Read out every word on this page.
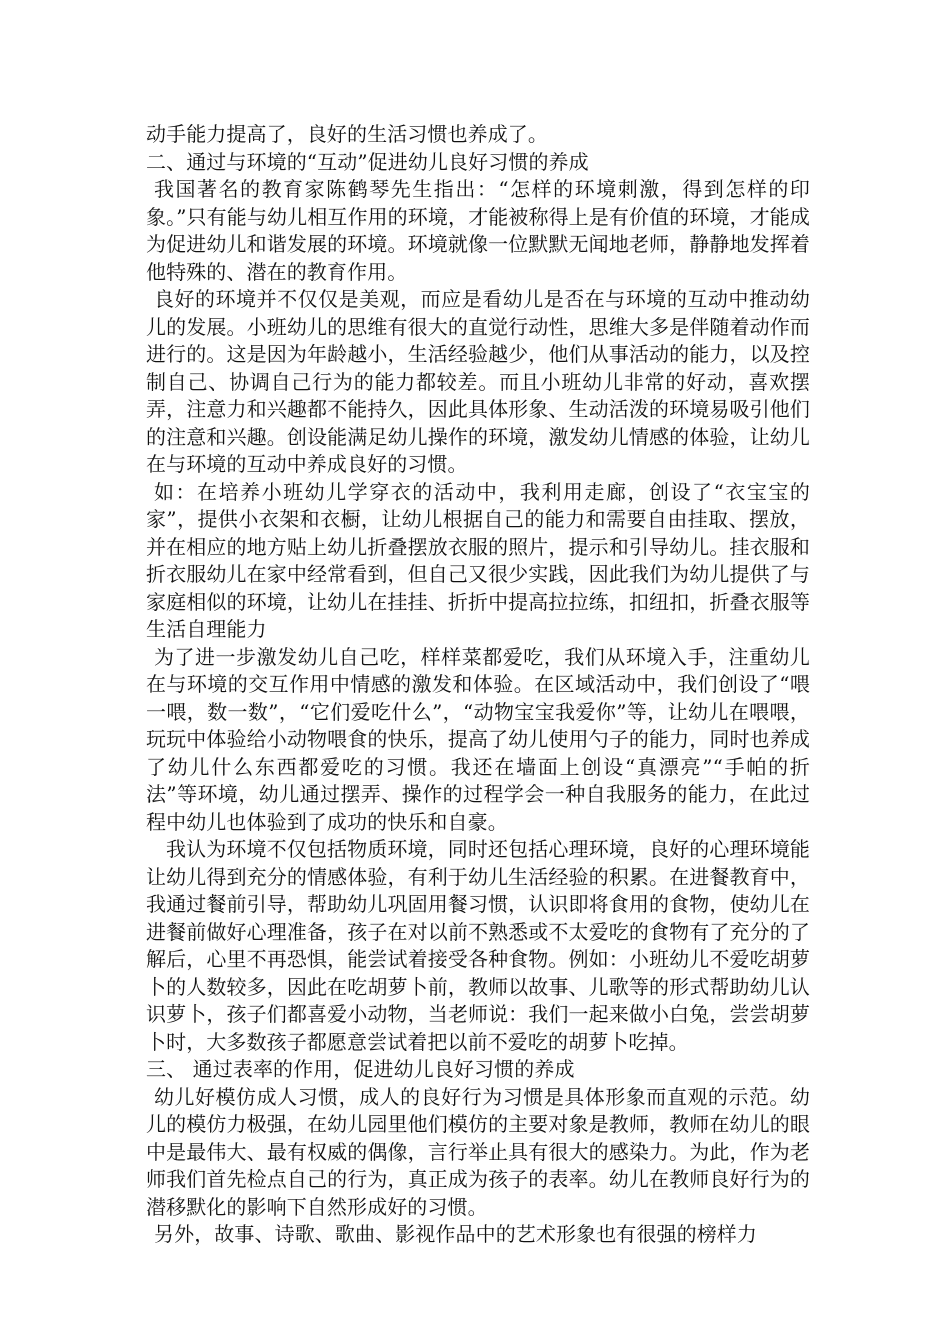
动手能力提高了，良好的生活习惯也养成了。

二、通过与环境的“互动”促进幼儿良好习惯的养成

我国著名的教育家陈鹤琴先生指出：“怎样的环境刺激，得到怎样的印象。”只有能与幼儿相互作用的环境，才能被称得上是有价值的环境，才能成为促进幼儿和谐发展的环境。环境就像一位默默无闻地老师，静静地发挥着他特殊的、潜在的教育作用。

良好的环境并不仅仅是美观，而应是看幼儿是否在与环境的互动中推动幼儿的发展。小班幼儿的思维有很大的直觉行动性，思维大多是伴随着动作而进行的。这是因为年龄越小，生活经验越少，他们从事活动的能力，以及控制自己、协调自己行为的能力都较差。而且小班幼儿非常的好动，喜欢摆弄，注意力和兴趣都不能持久，因此具体形象、生动活泼的环境易吸引他们的注意和兴趣。创设能满足幼儿操作的环境，激发幼儿情感的体验，让幼儿在与环境的互动中养成良好的习惯。

如：在培养小班幼儿学穿衣的活动中，我利用走廊，创设了“衣宝宝的家”，提供小衣架和衣橱，让幼儿根据自己的能力和需要自由挂取、摆放，并在相应的地方贴上幼儿折叠摆放衣服的照片，提示和引导幼儿。挂衣服和折衣服幼儿在家中经常看到，但自己又很少实践，因此我们为幼儿提供了与家庭相似的环境，让幼儿在挂挂、折折中提高拉拉练，扣纽扣，折叠衣服等生活自理能力

为了进一步激发幼儿自己吃，样样菜都爱吃，我们从环境入手，注重幼儿在与环境的交互作用中情感的激发和体验。在区域活动中，我们创设了“喂一喂，数一数”，“它们爱吃什么”，“动物宝宝我爱你”等，让幼儿在喂喂，玩玩中体验给小动物喂食的快乐，提高了幼儿使用勺子的能力，同时也养成了幼儿什么东西都爱吃的习惯。我还在墙面上创设“真漂亮”“手帕的折法”等环境，幼儿通过摆弄、操作的过程学会一种自我服务的能力，在此过程中幼儿也体验到了成功的快乐和自豪。

我认为环境不仅包括物质环境，同时还包括心理环境，良好的心理环境能让幼儿得到充分的情感体验，有利于幼儿生活经验的积累。在进餐教育中，我通过餐前引导，帮助幼儿巩固用餐习惯，认识即将食用的食物，使幼儿在进餐前做好心理准备，孩子在对以前不熟悉或不太爱吃的食物有了充分的了解后，心里不再恐惧，能尝试着接受各种食物。例如：小班幼儿不爱吃胡萝卜的人数较多，因此在吃胡萝卜前，教师以故事、儿歌等的形式帮助幼儿认识萝卜，孩子们都喜爱小动物，当老师说：我们一起来做小白兔，尝尝胡萝卜时，大多数孩子都愿意尝试着把以前不爱吃的胡萝卜吃掉。

三、 通过表率的作用，促进幼儿良好习惯的养成

幼儿好模仿成人习惯，成人的良好行为习惯是具体形象而直观的示范。幼儿的模仿力极强，在幼儿园里他们模仿的主要对象是教师，教师在幼儿的眼中是最伟大、最有权威的偶像，言行举止具有很大的感染力。为此，作为老师我们首先检点自己的行为，真正成为孩子的表率。幼儿在教师良好行为的潜移默化的影响下自然形成好的习惯。

另外，故事、诗歌、歌曲、影视作品中的艺术形象也有很强的榜样力
